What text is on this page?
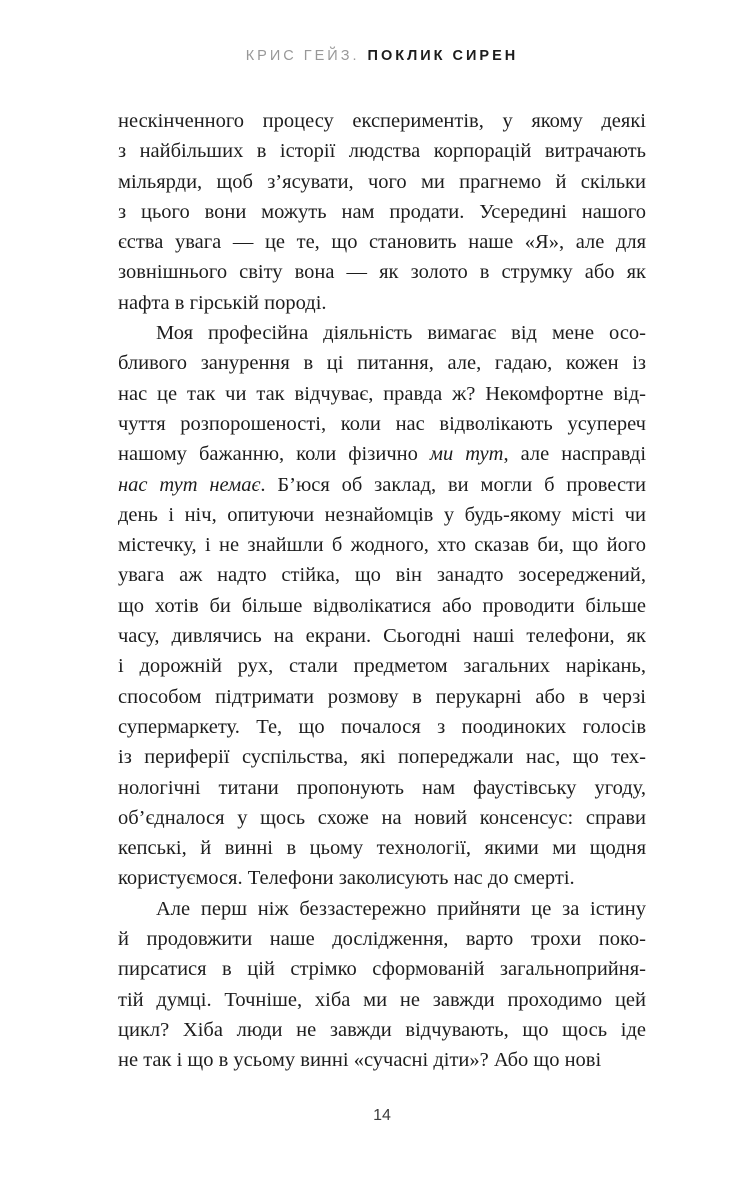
КРИС ГЕЙЗ. ПОКЛИК СИРЕН
нескінченного процесу експериментів, у якому деякі
з найбільших в історії людства корпорацій витрачають
мільярди, щоб з’ясувати, чого ми прагнемо й скільки
з цього вони можуть нам продати. Усередині нашого
єства увага — це те, що становить наше «Я», але для
зовнішнього світу вона — як золото в струмку або як
нафта в гірській породі.
Моя професійна діяльність вимагає від мене осо-
бливого занурення в ці питання, але, гадаю, кожен із
нас це так чи так відчуває, правда ж? Некомфортне від-
чуття розпорошеності, коли нас відволікають усупереч
нашому бажанню, коли фізично ми тут, але насправді
нас тут немає. Б’юся об заклад, ви могли б провести
день і ніч, опитуючи незнайомців у будь-якому місті чи
містечку, і не знайшли б жодного, хто сказав би, що його
увага аж надто стійка, що він занадто зосереджений,
що хотів би більше відволікатися або проводити більше
часу, дивлячись на екрани. Сьогодні наші телефони, як
і дорожній рух, стали предметом загальних нарікань,
способом підтримати розмову в перукарні або в черзі
супермаркету. Те, що почалося з поодиноких голосів
із периферії суспільства, які попереджали нас, що тех-
нологічні титани пропонують нам фаустівську угоду,
об’єдналося у щось схоже на новий консенсус: справи
кепські, й винні в цьому технології, якими ми щодня
користуємося. Телефони заколисують нас до смерті.
Але перш ніж беззастережно прийняти це за істину
й продовжити наше дослідження, варто трохи поко-
пирсатися в цій стрімко сформованій загальноприйня-
тій думці. Точніше, хіба ми не завжди проходимо цей
цикл? Хіба люди не завжди відчувають, що щось іде
не так і що в усьому винні «сучасні діти»? Або що нові
14
